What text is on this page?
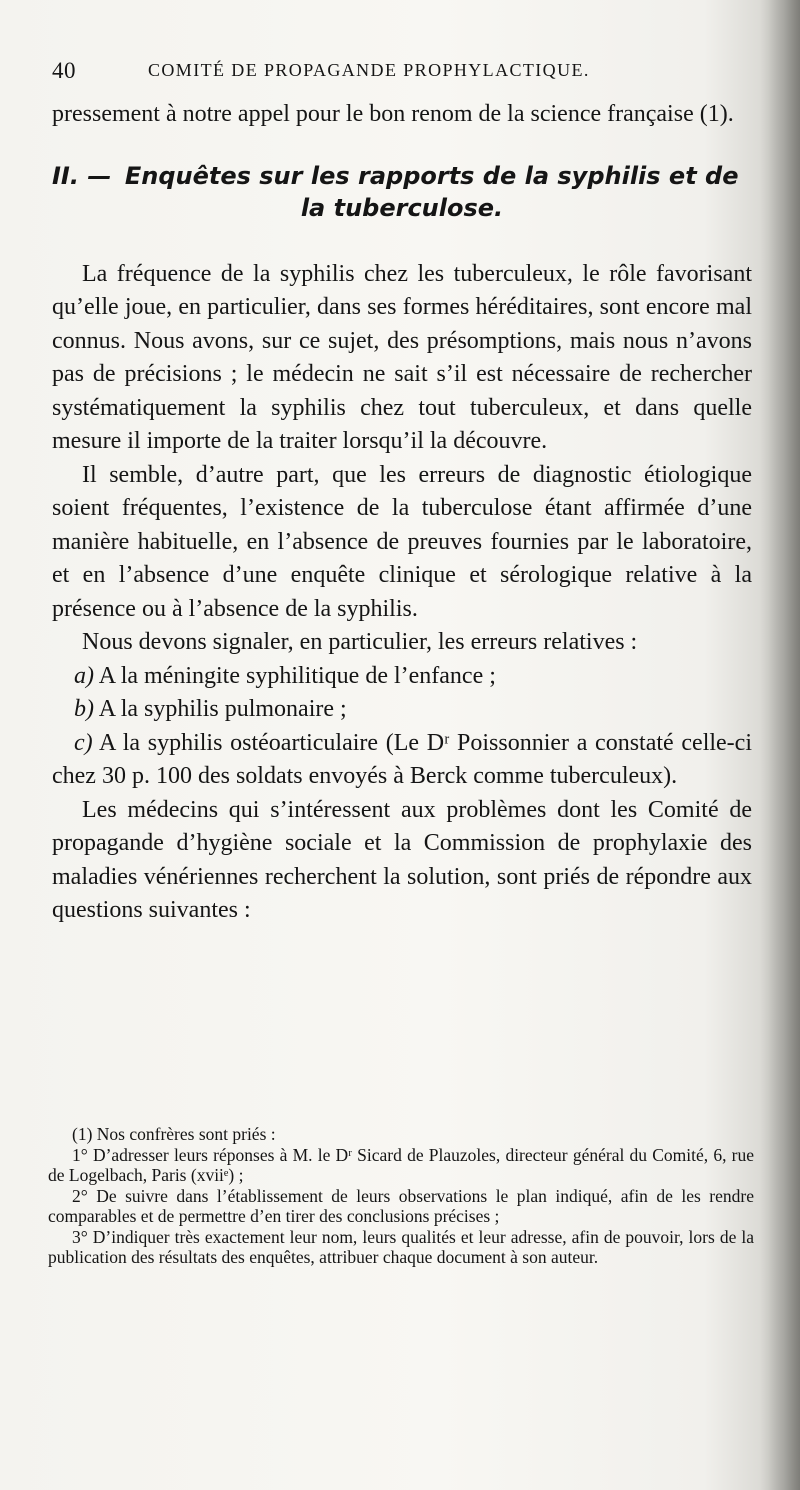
40	COMITÉ DE PROPAGANDE PROPHYLACTIQUE.

pressement à notre appel pour le bon renom de la science française (1).

II. — Enquêtes sur les rapports de la syphilis et de la tuberculose.

La fréquence de la syphilis chez les tuberculeux, le rôle favorisant qu’elle joue, en particulier, dans ses formes héréditaires, sont encore mal connus. Nous avons, sur ce sujet, des présomptions, mais nous n’avons pas de précisions ; le médecin ne sait s’il est nécessaire de rechercher systématiquement la syphilis chez tout tuberculeux, et dans quelle mesure il importe de la traiter lorsqu’il la découvre.

Il semble, d’autre part, que les erreurs de diagnostic étiologique soient fréquentes, l’existence de la tuberculose étant affirmée d’une manière habituelle, en l’absence de preuves fournies par le laboratoire, et en l’absence d’une enquête clinique et sérologique relative à la présence ou à l’absence de la syphilis.

Nous devons signaler, en particulier, les erreurs relatives :

a) A la méningite syphilitique de l’enfance ;

b) A la syphilis pulmonaire ;

c) A la syphilis ostéoarticulaire (Le Dʳ Poissonnier a constaté celle-ci chez 30 p. 100 des soldats envoyés à Berck comme tuberculeux).

Les médecins qui s’intéressent aux problèmes dont les Comité de propagande d’hygiène sociale et la Commission de prophylaxie des maladies vénériennes recherchent la solution, sont priés de répondre aux questions suivantes :

(1) Nos confrères sont priés :

1° D’adresser leurs réponses à M. le Dʳ Sicard de Plauzoles, directeur général du Comité, 6, rue de Logelbach, Paris (xviiᵉ) ;

2° De suivre dans l’établissement de leurs observations le plan indiqué, afin de les rendre comparables et de permettre d’en tirer des conclusions précises ;

3° D’indiquer très exactement leur nom, leurs qualités et leur adresse, afin de pouvoir, lors de la publication des résultats des enquêtes, attribuer chaque document à son auteur.
